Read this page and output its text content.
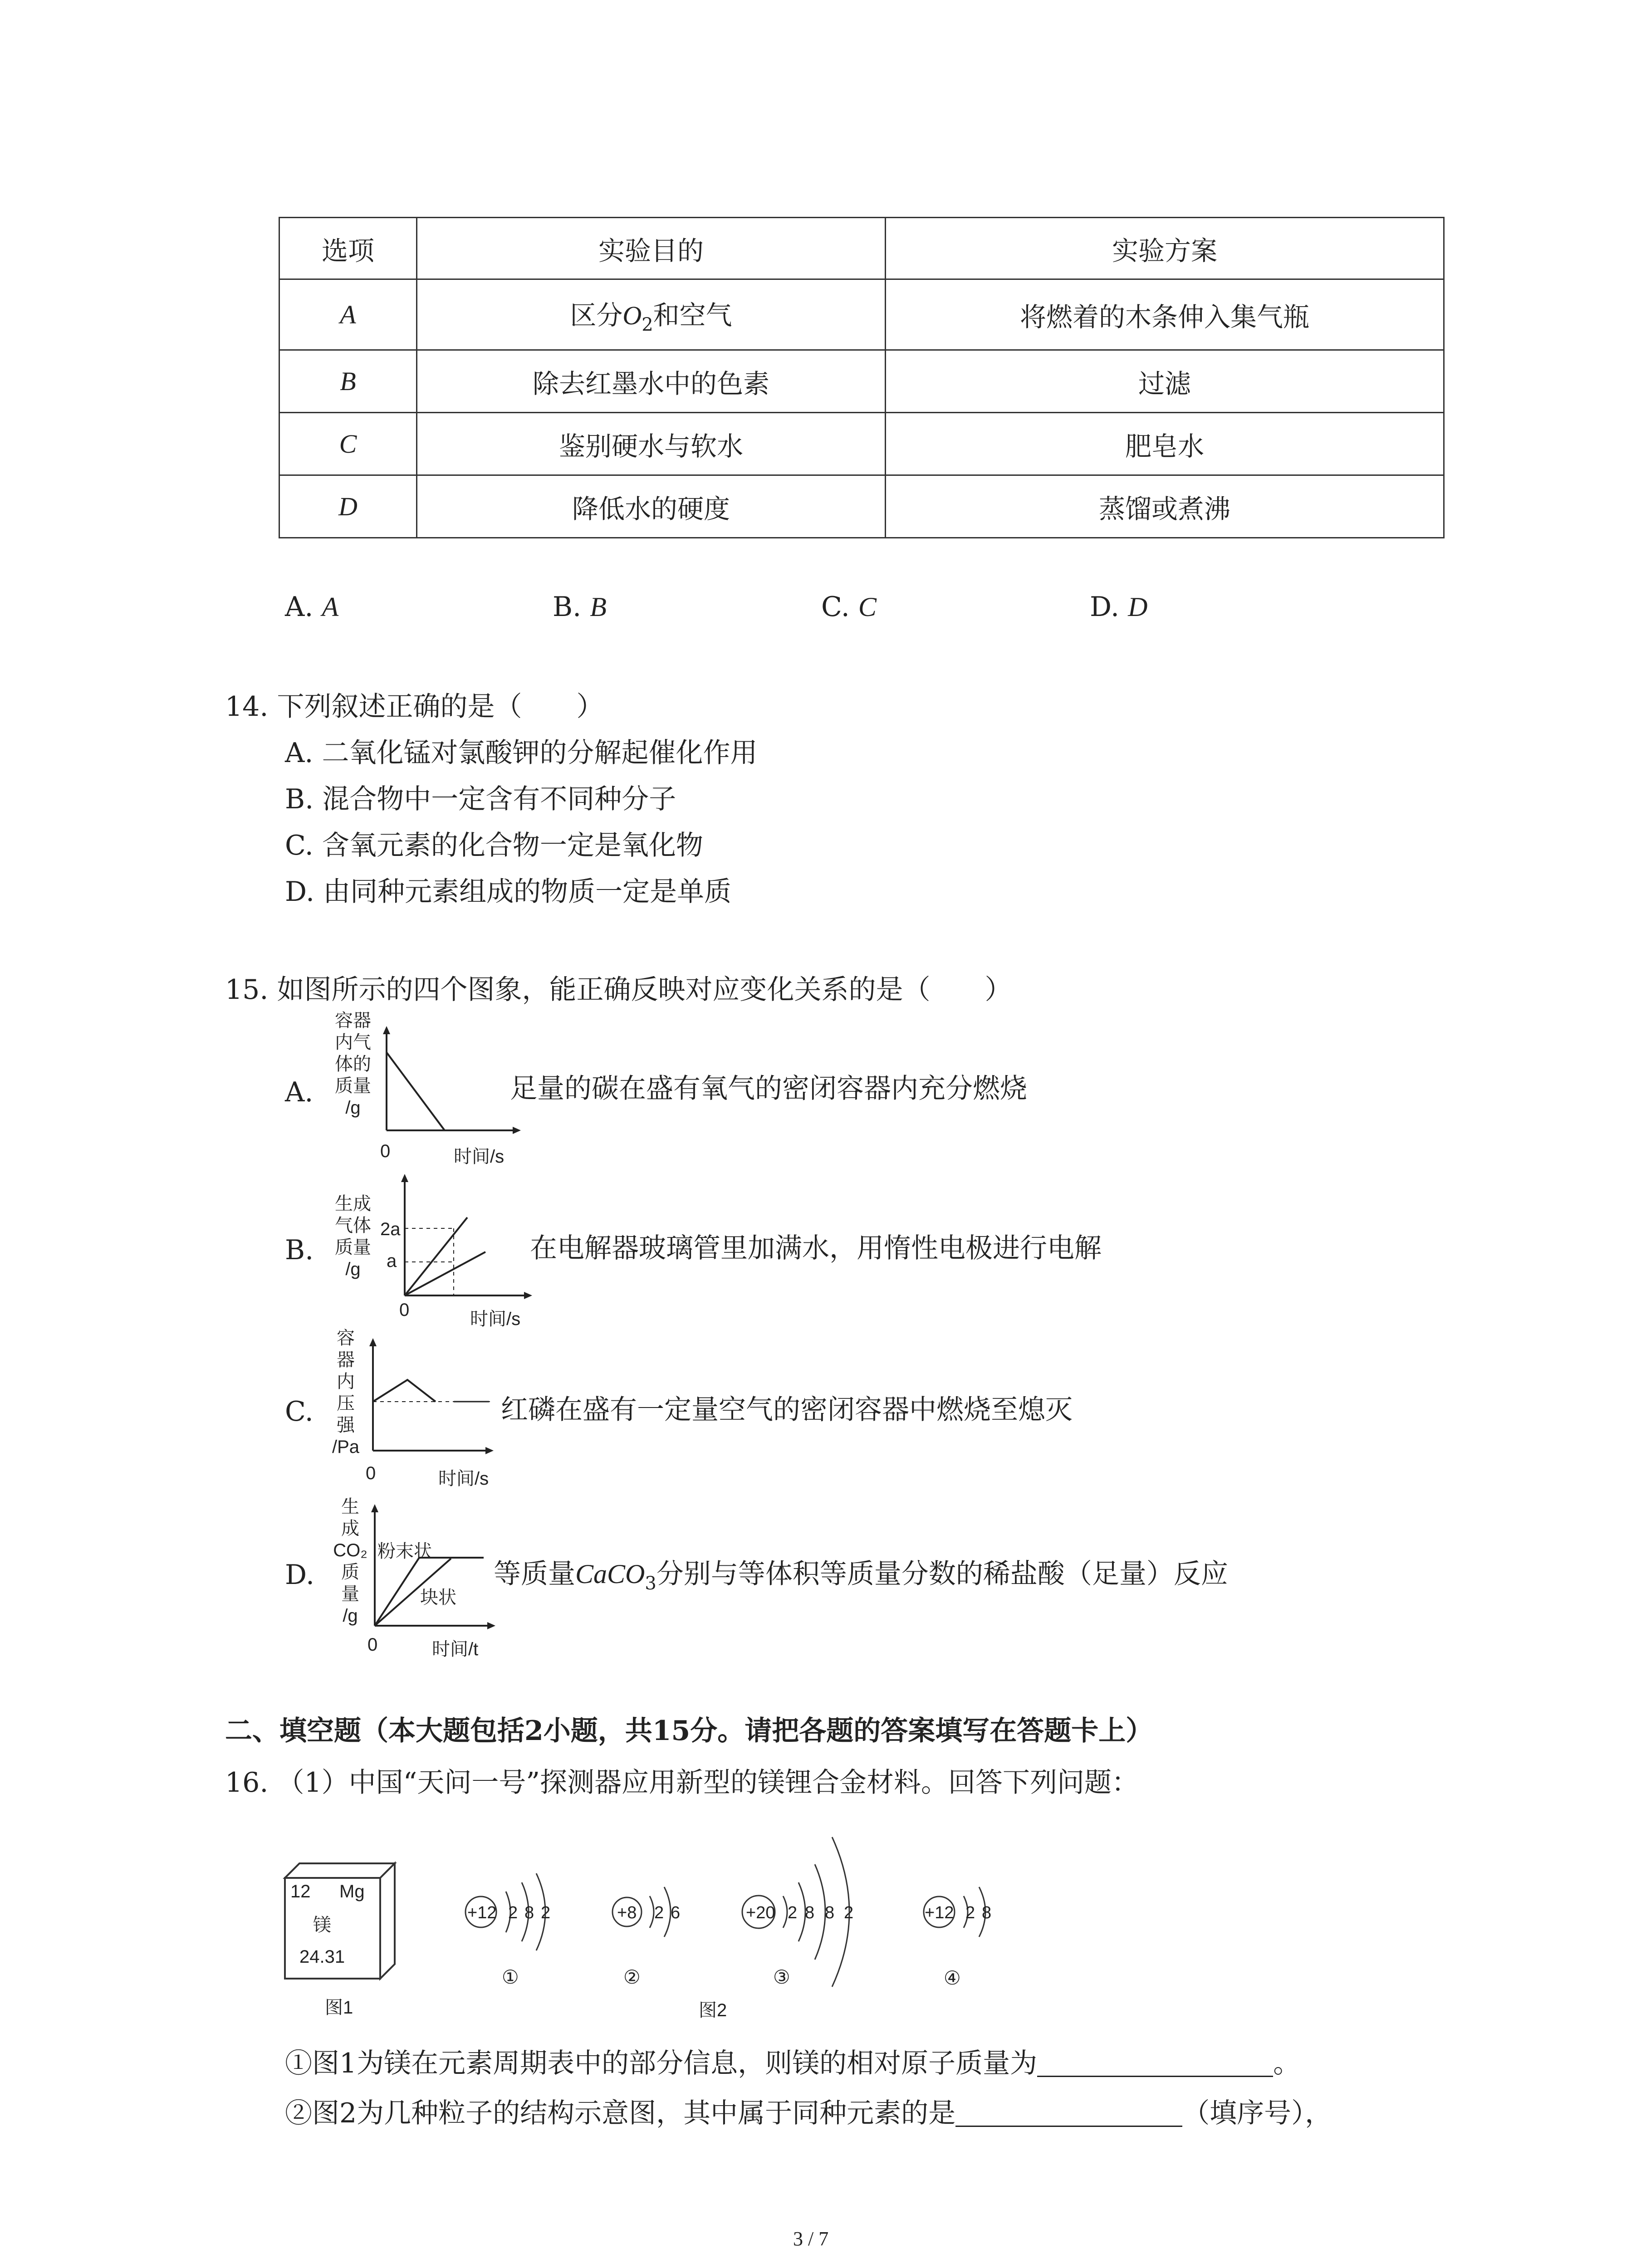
选项	实验目的	实验方案
A	区分$O_2$和空气	将燃着的木条伸入集气瓶
B	除去红墨水中的色素	过滤
C	鉴别硬水与软水	肥皂水
D	降低水的硬度	蒸馏或煮沸
A. A	B. B	C. C	D. D
14. 下列叙述正确的是（　　）
A. 二氧化锰对氯酸钾的分解起催化作用
B. 混合物中一定含有不同种分子
C. 含氧元素的化合物一定是氧化物
D. 由同种元素组成的物质一定是单质
15. 如图所示的四个图象，能正确反映对应变化关系的是（　　）
A.
容器
内气
体的
质量
/g
0	时间/s
足量的碳在盛有氧气的密闭容器内充分燃烧
B.
生成
气体
质量
/g
2a
a
0	时间/s
在电解器玻璃管里加满水，用惰性电极进行电解
C.
容
器
内
压
强
/Pa
0	时间/s
红磷在盛有一定量空气的密闭容器中燃烧至熄灭
D.
生
成
CO₂
质
量
/g
粉末状
块状
0	时间/t
等质量CaCO$_3$分别与等体积等质量分数的稀盐酸（足量）反应
二、填空题（本大题包括2小题，共15分。请把各题的答案填写在答题卡上）
16. （1）中国“天问一号”探测器应用新型的镁锂合金材料。回答下列问题：
12 Mg
镁
24.31
图1
+12 2 8 2
①
+8 2 6
②
+20 2 8 8 2
③
图2
+12 2 8
④
①图1为镁在元素周期表中的部分信息，则镁的相对原子质量为	。
②图2为几种粒子的结构示意图，其中属于同种元素的是	（填序号），
3 / 7
